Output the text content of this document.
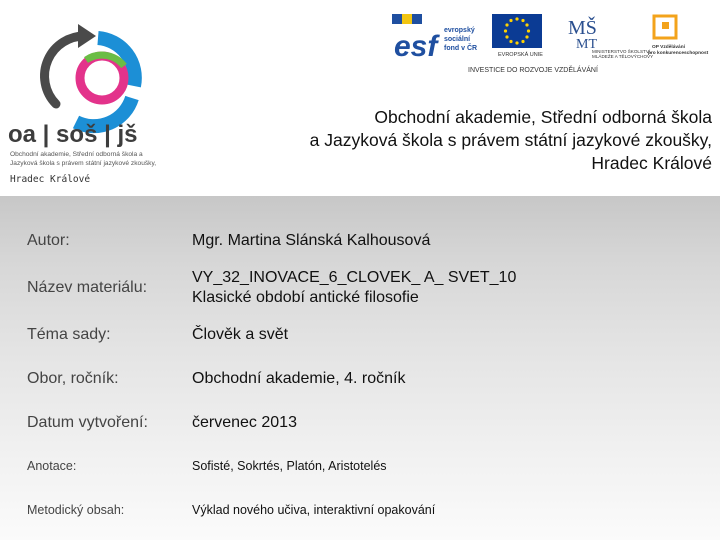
oa | soš | jš
Obchodní akademie, Střední odborná škola a Jazyková škola s právem státní jazykové zkoušky,
Hradec Králové
esf evropský sociální fond v ČR
EVROPSKÁ UNIE
MŠ
MT
MINISTERSTVO ŠKOLSTVÍ, MLÁDEŽE A TĚLOVÝCHOVY
OP Vzdělávání pro konkurenceschopnost
INVESTICE DO ROZVOJE VZDĚLÁVÁNÍ
Obchodní akademie, Střední odborná škola
a Jazyková škola s právem státní jazykové zkoušky,
Hradec Králové
Autor:	Mgr. Martina Slánská Kalhousová
Název materiálu:
VY_32_INOVACE_6_CLOVEK_ A_ SVET_10
Klasické období antické filosofie
Téma sady:	Člověk a svět
Obor, ročník:	Obchodní akademie, 4. ročník
Datum vytvoření:	červenec 2013
Anotace:	Sofisté, Sokrtés, Platón, Aristotelés
Metodický obsah:	Výklad nového učiva, interaktivní opakování
